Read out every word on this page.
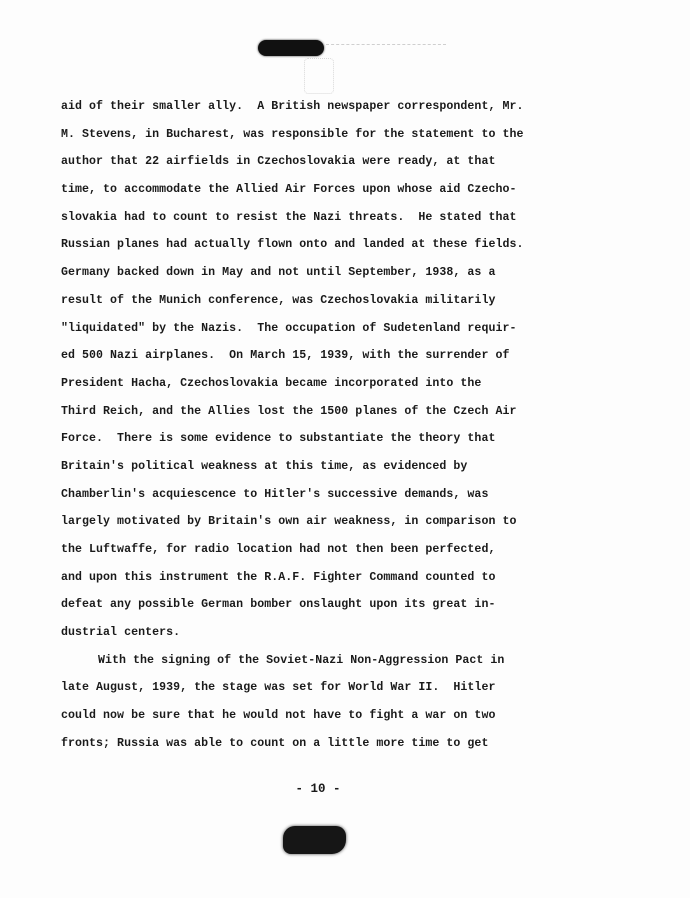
aid of their smaller ally.  A British newspaper correspondent, Mr.
M. Stevens, in Bucharest, was responsible for the statement to the
author that 22 airfields in Czechoslovakia were ready, at that
time, to accommodate the Allied Air Forces upon whose aid Czecho-
slovakia had to count to resist the Nazi threats.  He stated that
Russian planes had actually flown onto and landed at these fields.
Germany backed down in May and not until September, 1938, as a
result of the Munich conference, was Czechoslovakia militarily
"liquidated" by the Nazis.  The occupation of Sudetenland requir-
ed 500 Nazi airplanes.  On March 15, 1939, with the surrender of
President Hacha, Czechoslovakia became incorporated into the
Third Reich, and the Allies lost the 1500 planes of the Czech Air
Force.  There is some evidence to substantiate the theory that
Britain's political weakness at this time, as evidenced by
Chamberlin's acquiescence to Hitler's successive demands, was
largely motivated by Britain's own air weakness, in comparison to
the Luftwaffe, for radio location had not then been perfected,
and upon this instrument the R.A.F. Fighter Command counted to
defeat any possible German bomber onslaught upon its great in-
dustrial centers.
With the signing of the Soviet-Nazi Non-Aggression Pact in
late August, 1939, the stage was set for World War II.  Hitler
could now be sure that he would not have to fight a war on two
fronts; Russia was able to count on a little more time to get
- 10 -
